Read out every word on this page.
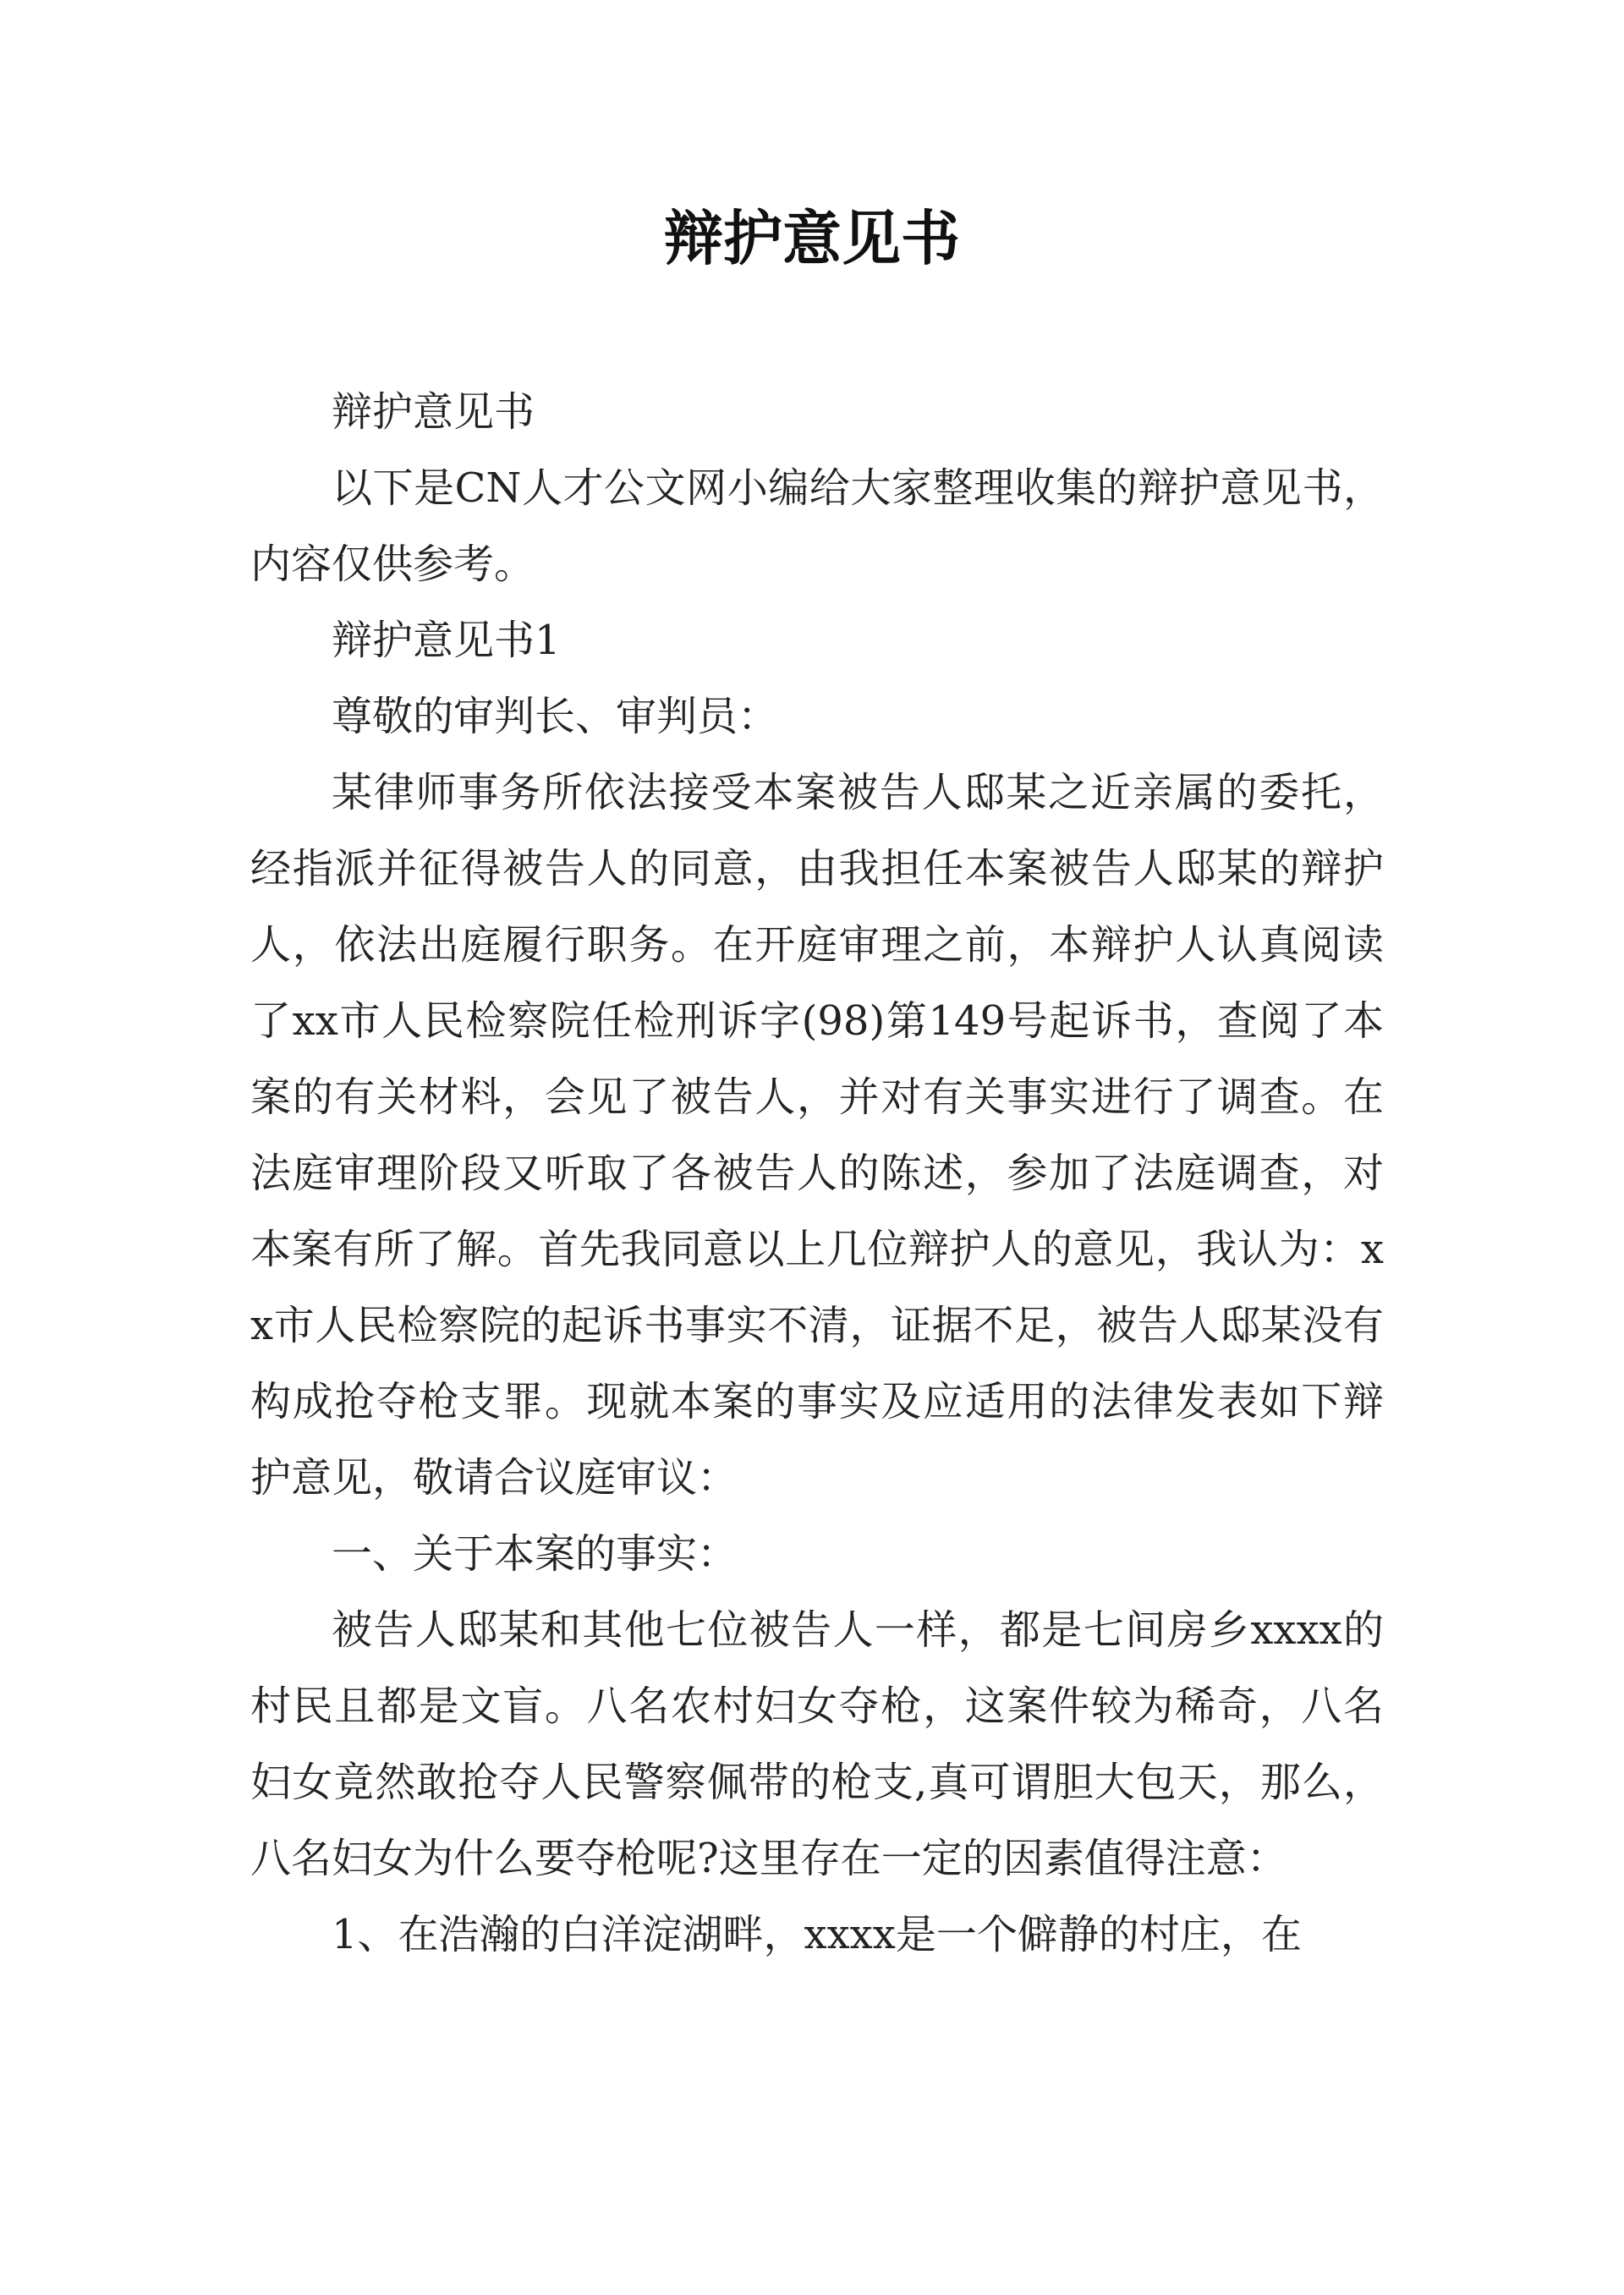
辩护意见书

辩护意见书

以下是CN人才公文网小编给大家整理收集的辩护意见书，内容仅供参考。

辩护意见书1

尊敬的审判长、审判员：

某律师事务所依法接受本案被告人邸某之近亲属的委托，经指派并征得被告人的同意，由我担任本案被告人邸某的辩护人，依法出庭履行职务。在开庭审理之前，本辩护人认真阅读了xx市人民检察院任检刑诉字(98)第149号起诉书，查阅了本案的有关材料，会见了被告人，并对有关事实进行了调查。在法庭审理阶段又听取了各被告人的陈述，参加了法庭调查，对本案有所了解。首先我同意以上几位辩护人的意见，我认为：xx市人民检察院的起诉书事实不清，证据不足，被告人邸某没有构成抢夺枪支罪。现就本案的事实及应适用的法律发表如下辩护意见，敬请合议庭审议：

一、关于本案的事实：

被告人邸某和其他七位被告人一样，都是七间房乡xxxx的村民且都是文盲。八名农村妇女夺枪，这案件较为稀奇，八名妇女竟然敢抢夺人民警察佩带的枪支,真可谓胆大包天，那么，八名妇女为什么要夺枪呢?这里存在一定的因素值得注意：

1、在浩瀚的白洋淀湖畔，xxxx是一个僻静的村庄，在
